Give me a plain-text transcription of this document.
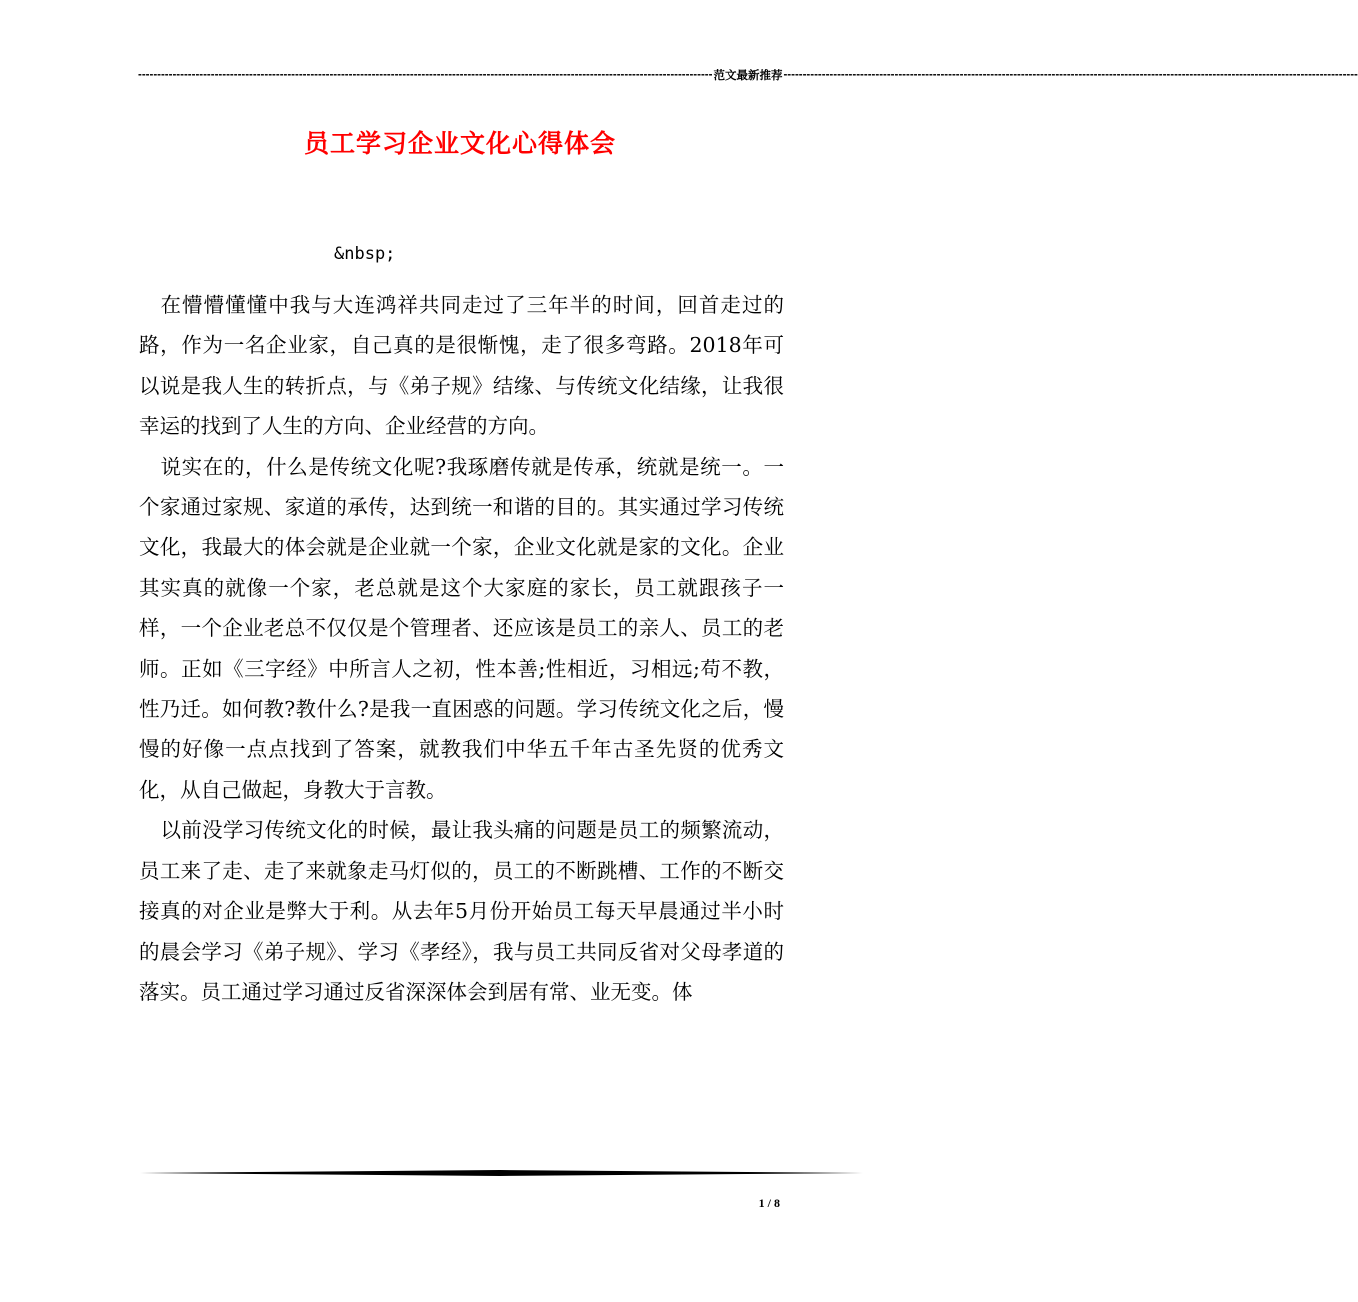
------------------------------------------------------------------------------------------------------------------------------------------------------ 范文最新推荐 ------------------------------------------------------------------------------------------------------------------------------------------------------
员工学习企业文化心得体会
&nbsp;

在懵懵懂懂中我与大连鸿祥共同走过了三年半的时间，回首走过的路，作为一名企业家，自己真的是很惭愧，走了很多弯路。2018年可以说是我人生的转折点，与《弟子规》结缘、与传统文化结缘，让我很幸运的找到了人生的方向、企业经营的方向。

说实在的，什么是传统文化呢?我琢磨传就是传承，统就是统一。一个家通过家规、家道的承传，达到统一和谐的目的。其实通过学习传统文化，我最大的体会就是企业就一个家，企业文化就是家的文化。企业其实真的就像一个家，老总就是这个大家庭的家长，员工就跟孩子一样，一个企业老总不仅仅是个管理者、还应该是员工的亲人、员工的老师。正如《三字经》中所言人之初，性本善;性相近，习相远;苟不教，性乃迁。如何教?教什么?是我一直困惑的问题。学习传统文化之后，慢慢的好像一点点找到了答案，就教我们中华五千年古圣先贤的优秀文化，从自己做起，身教大于言教。

以前没学习传统文化的时候，最让我头痛的问题是员工的频繁流动，员工来了走、走了来就象走马灯似的，员工的不断跳槽、工作的不断交接真的对企业是弊大于利。从去年5月份开始员工每天早晨通过半小时的晨会学习《弟子规》、学习《孝经》，我与员工共同反省对父母孝道的落实。员工通过学习通过反省深深体会到居有常、业无变。体

1 / 8
